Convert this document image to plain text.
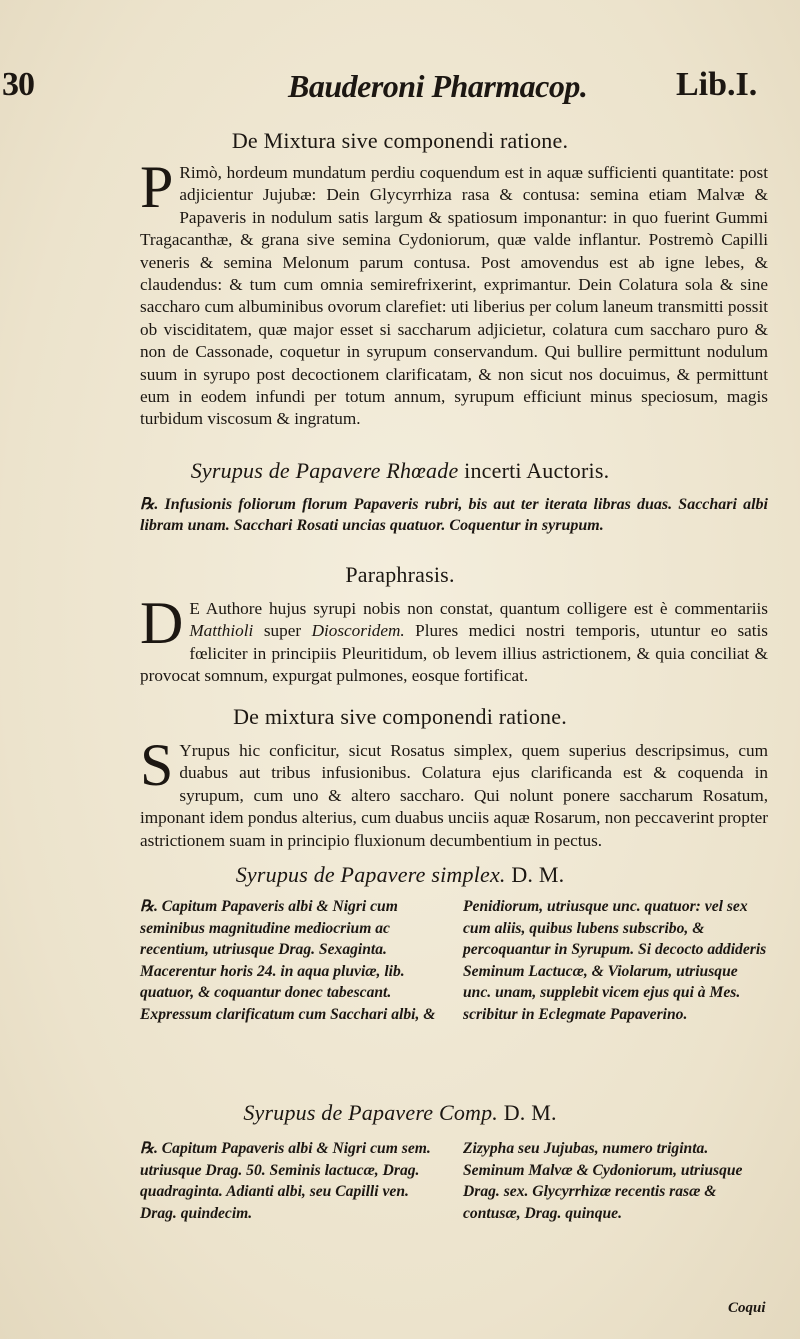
30	Bauderoni Pharmacop.	Lib.I.
De Mixtura sive componendi ratione.
P Rimò, hordeum mundatum perdiu coquendum est in aquæ sufficienti quantitate: post adjicientur Jujubæ: Dein Glycyrrhiza rasa & contusa: semina etiam Malvæ & Papaveris in nodulum satis largum & spatiosum imponantur: in quo fuerint Gummi Tragacanthæ, & grana sive semina Cydoniorum, quæ valde inflantur. Postremò Capilli veneris & semina Melonum parum contusa. Post amovendus est ab igne lebes, & claudendus: & tum cum omnia semirefrixerint, exprimantur. Dein Colatura sola & sine saccharo cum albuminibus ovorum clarefiet: uti liberius per colum laneum transmitti possit ob visciditatem, quæ major esset si saccharum adjicietur, colatura cum saccharo puro & non de Cassonade, coquetur in syrupum conservandum. Qui bullire permittunt nodulum suum in syrupo post decoctionem clarificatam, & non sicut nos docuimus, & permittunt eum in eodem infundi per totum annum, syrupum efficiunt minus speciosum, magis turbidum viscosum & ingratum.
Syrupus de Papavere Rhœade incerti Auctoris.
℞. Infusionis foliorum florum Papaveris rubri, bis aut ter iterata libras duas. Sacchari albi libram unam. Sacchari Rosati uncias quatuor. Coquentur in syrupum.
Paraphrasis.
D E Authore hujus syrupi nobis non constat, quantum colligere est è commentariis Matthioli super Dioscoridem. Plures medici nostri temporis, utuntur eo satis fœliciter in principiis Pleuritidum, ob levem illius astrictionem, & quia conciliat & provocat somnum, expurgat pulmones, eosque fortificat.
De mixtura sive componendi ratione.
S Yrupus hic conficitur, sicut Rosatus simplex, quem superius descripsimus, cum duabus aut tribus infusionibus. Colatura ejus clarificanda est & coquenda in syrupum, cum uno & altero saccharo. Qui nolunt ponere saccharum Rosatum, imponant idem pondus alterius, cum duabus unciis aquæ Rosarum, non peccaverint propter astrictionem suam in principio fluxionum decumbentium in pectus.
Syrupus de Papavere simplex. D. M.
℞. Capitum Papaveris albi & Nigri cum seminibus magnitudine mediocrium ac recentium, utriusque Drag. Sexaginta. Macerentur horis 24. in aqua pluviæ, lib. quatuor, & coquantur donec tabescant. Expressum clarificatum cum Sacchari albi, &
Penidiorum, utriusque unc. quatuor: vel sex cum aliis, quibus lubens subscribo, & percoquantur in Syrupum. Si decocto addideris Seminum Lactucæ, & Violarum, utriusque unc. unam, supplebit vicem ejus qui à Mes. scribitur in Eclegmate Papaverino.
Syrupus de Papavere Comp. D. M.
℞. Capitum Papaveris albi & Nigri cum sem. utriusque Drag. 50. Seminis lactucæ, Drag. quadraginta. Adianti albi, seu Capilli ven. Drag. quindecim.
Zizypha seu Jujubas, numero triginta. Seminum Malvæ & Cydoniorum, utriusque Drag. sex. Glycyrrhizæ recentis rasæ & contusæ, Drag. quinque.
Coqui
